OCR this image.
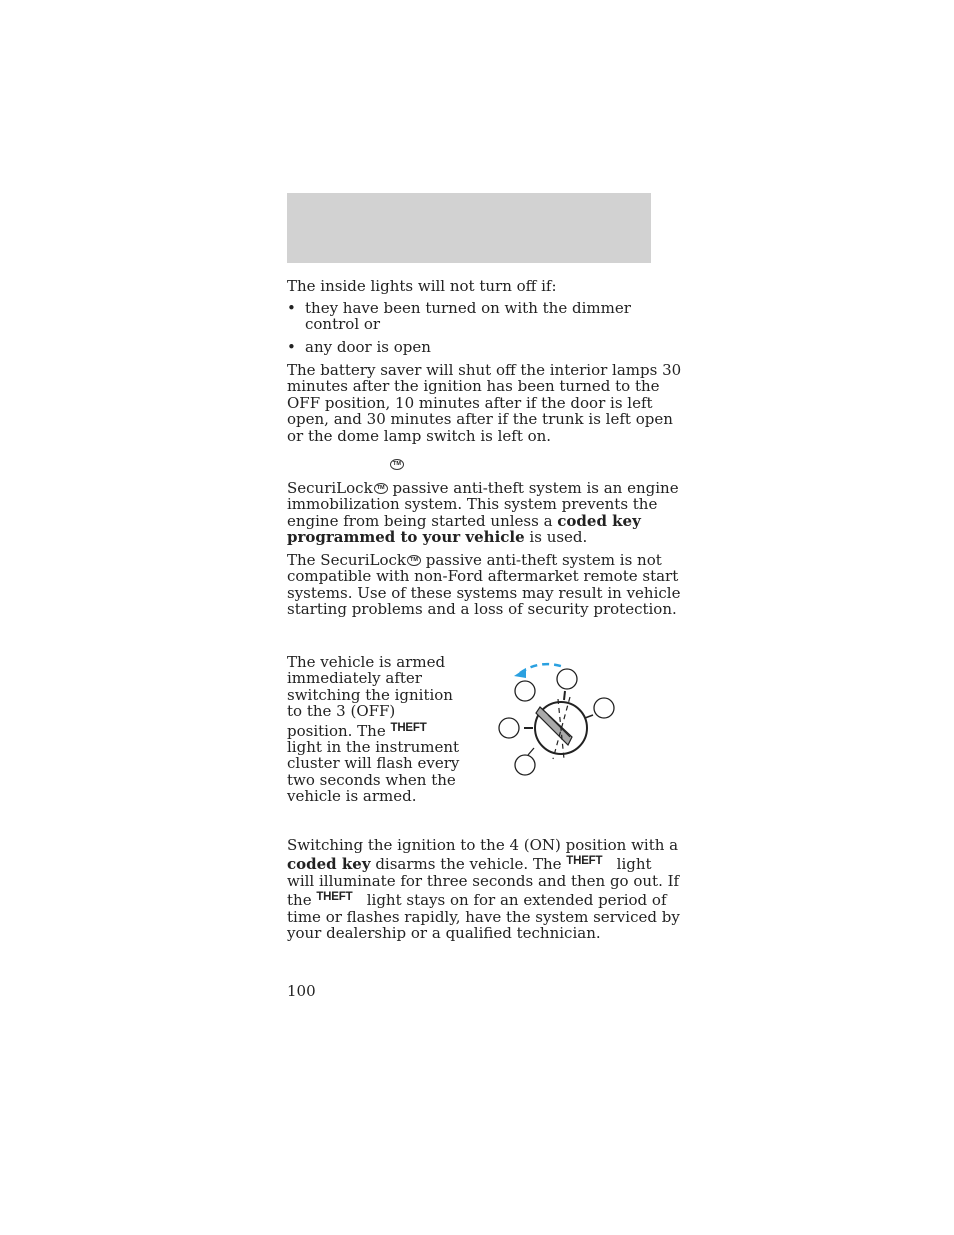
The inside lights will not turn off if:

• they have been turned on with the dimmer
control or

• any door is open

The battery saver will shut off the interior lamps 30
minutes after the ignition has been turned to the
OFF position, 10 minutes after if the door is left
open, and 30 minutes after if the trunk is left open
or the dome lamp switch is left on.

TM

SecuriLock TM passive anti-theft system is an engine
immobilization system. This system prevents the
engine from being started unless a coded key
programmed to your vehicle is used.

The SecuriLock TM passive anti-theft system is not
compatible with non-Ford aftermarket remote start
systems. Use of these systems may result in vehicle
starting problems and a loss of security protection.

The vehicle is armed
immediately after
switching the ignition
to the 3 (OFF)
position. The $^{THEFT}$
light in the instrument
cluster will flash every
two seconds when the
vehicle is armed.

Switching the ignition to the 4 (ON) position with a
coded key disarms the vehicle. The $^{THEFT}$ light
will illuminate for three seconds and then go out. If
the $^{THEFT}$ light stays on for an extended period of
time or flashes rapidly, have the system serviced by
your dealership or a qualified technician.

100
